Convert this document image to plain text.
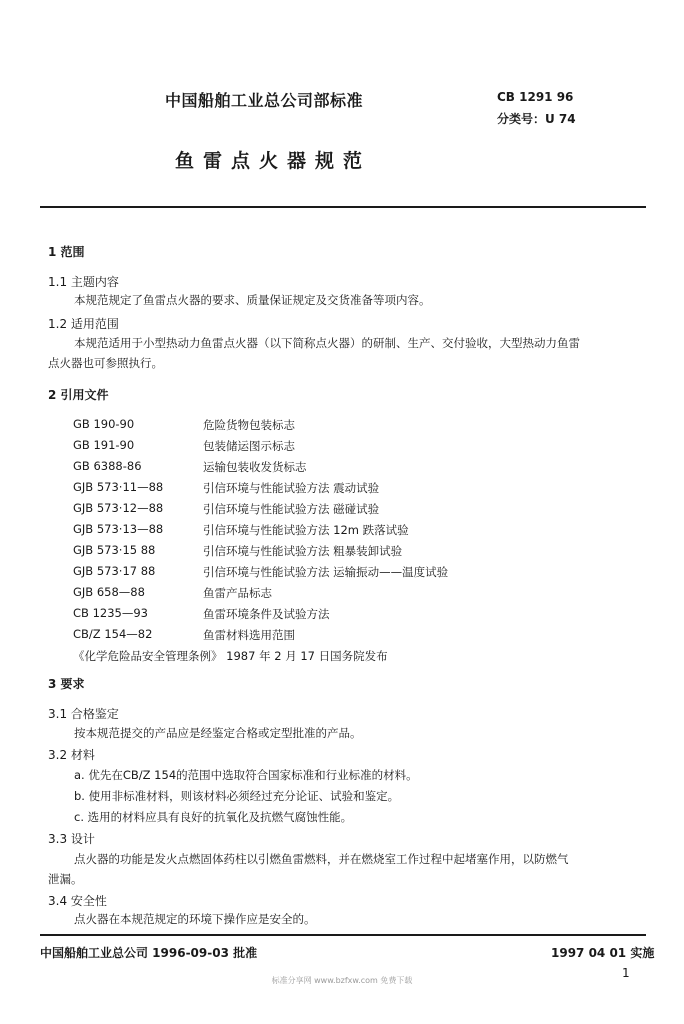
中国船舶工业总公司部标准	CB 1291 96
分类号：U 74
鱼雷点火器规范
1 范围
1.1 主题内容
本规范规定了鱼雷点火器的要求、质量保证规定及交货准备等项内容。
1.2 适用范围
本规范适用于小型热动力鱼雷点火器（以下简称点火器）的研制、生产、交付验收，大型热动力鱼雷
点火器也可参照执行。
2 引用文件
GB 190-90	危险货物包装标志
GB 191-90	包装储运图示标志
GB 6388-86	运输包装收发货标志
GJB 573·11—88	引信环境与性能试验方法 震动试验
GJB 573·12—88	引信环境与性能试验方法 磁碰试验
GJB 573·13—88	引信环境与性能试验方法 12m 跌落试验
GJB 573·15 88	引信环境与性能试验方法 粗暴装卸试验
GJB 573·17 88	引信环境与性能试验方法 运输振动——温度试验
GJB 658—88	鱼雷产品标志
CB 1235—93	鱼雷环境条件及试验方法
CB/Z 154—82	鱼雷材料选用范围
《化学危险品安全管理条例》 1987 年 2 月 17 日国务院发布
3 要求
3.1 合格鉴定
按本规范提交的产品应是经鉴定合格或定型批准的产品。
3.2 材料
a. 优先在CB/Z 154的范围中选取符合国家标准和行业标准的材料。
b. 使用非标准材料，则该材料必须经过充分论证、试验和鉴定。
c. 选用的材料应具有良好的抗氧化及抗燃气腐蚀性能。
3.3 设计
点火器的功能是发火点燃固体药柱以引燃鱼雷燃料，并在燃烧室工作过程中起堵塞作用，以防燃气
泄漏。
3.4 安全性
点火器在本规范规定的环境下操作应是安全的。
中国船舶工业总公司 1996-09-03 批准	1997 04 01 实施
1
标准分享网 www.bzfxw.com 免费下载
